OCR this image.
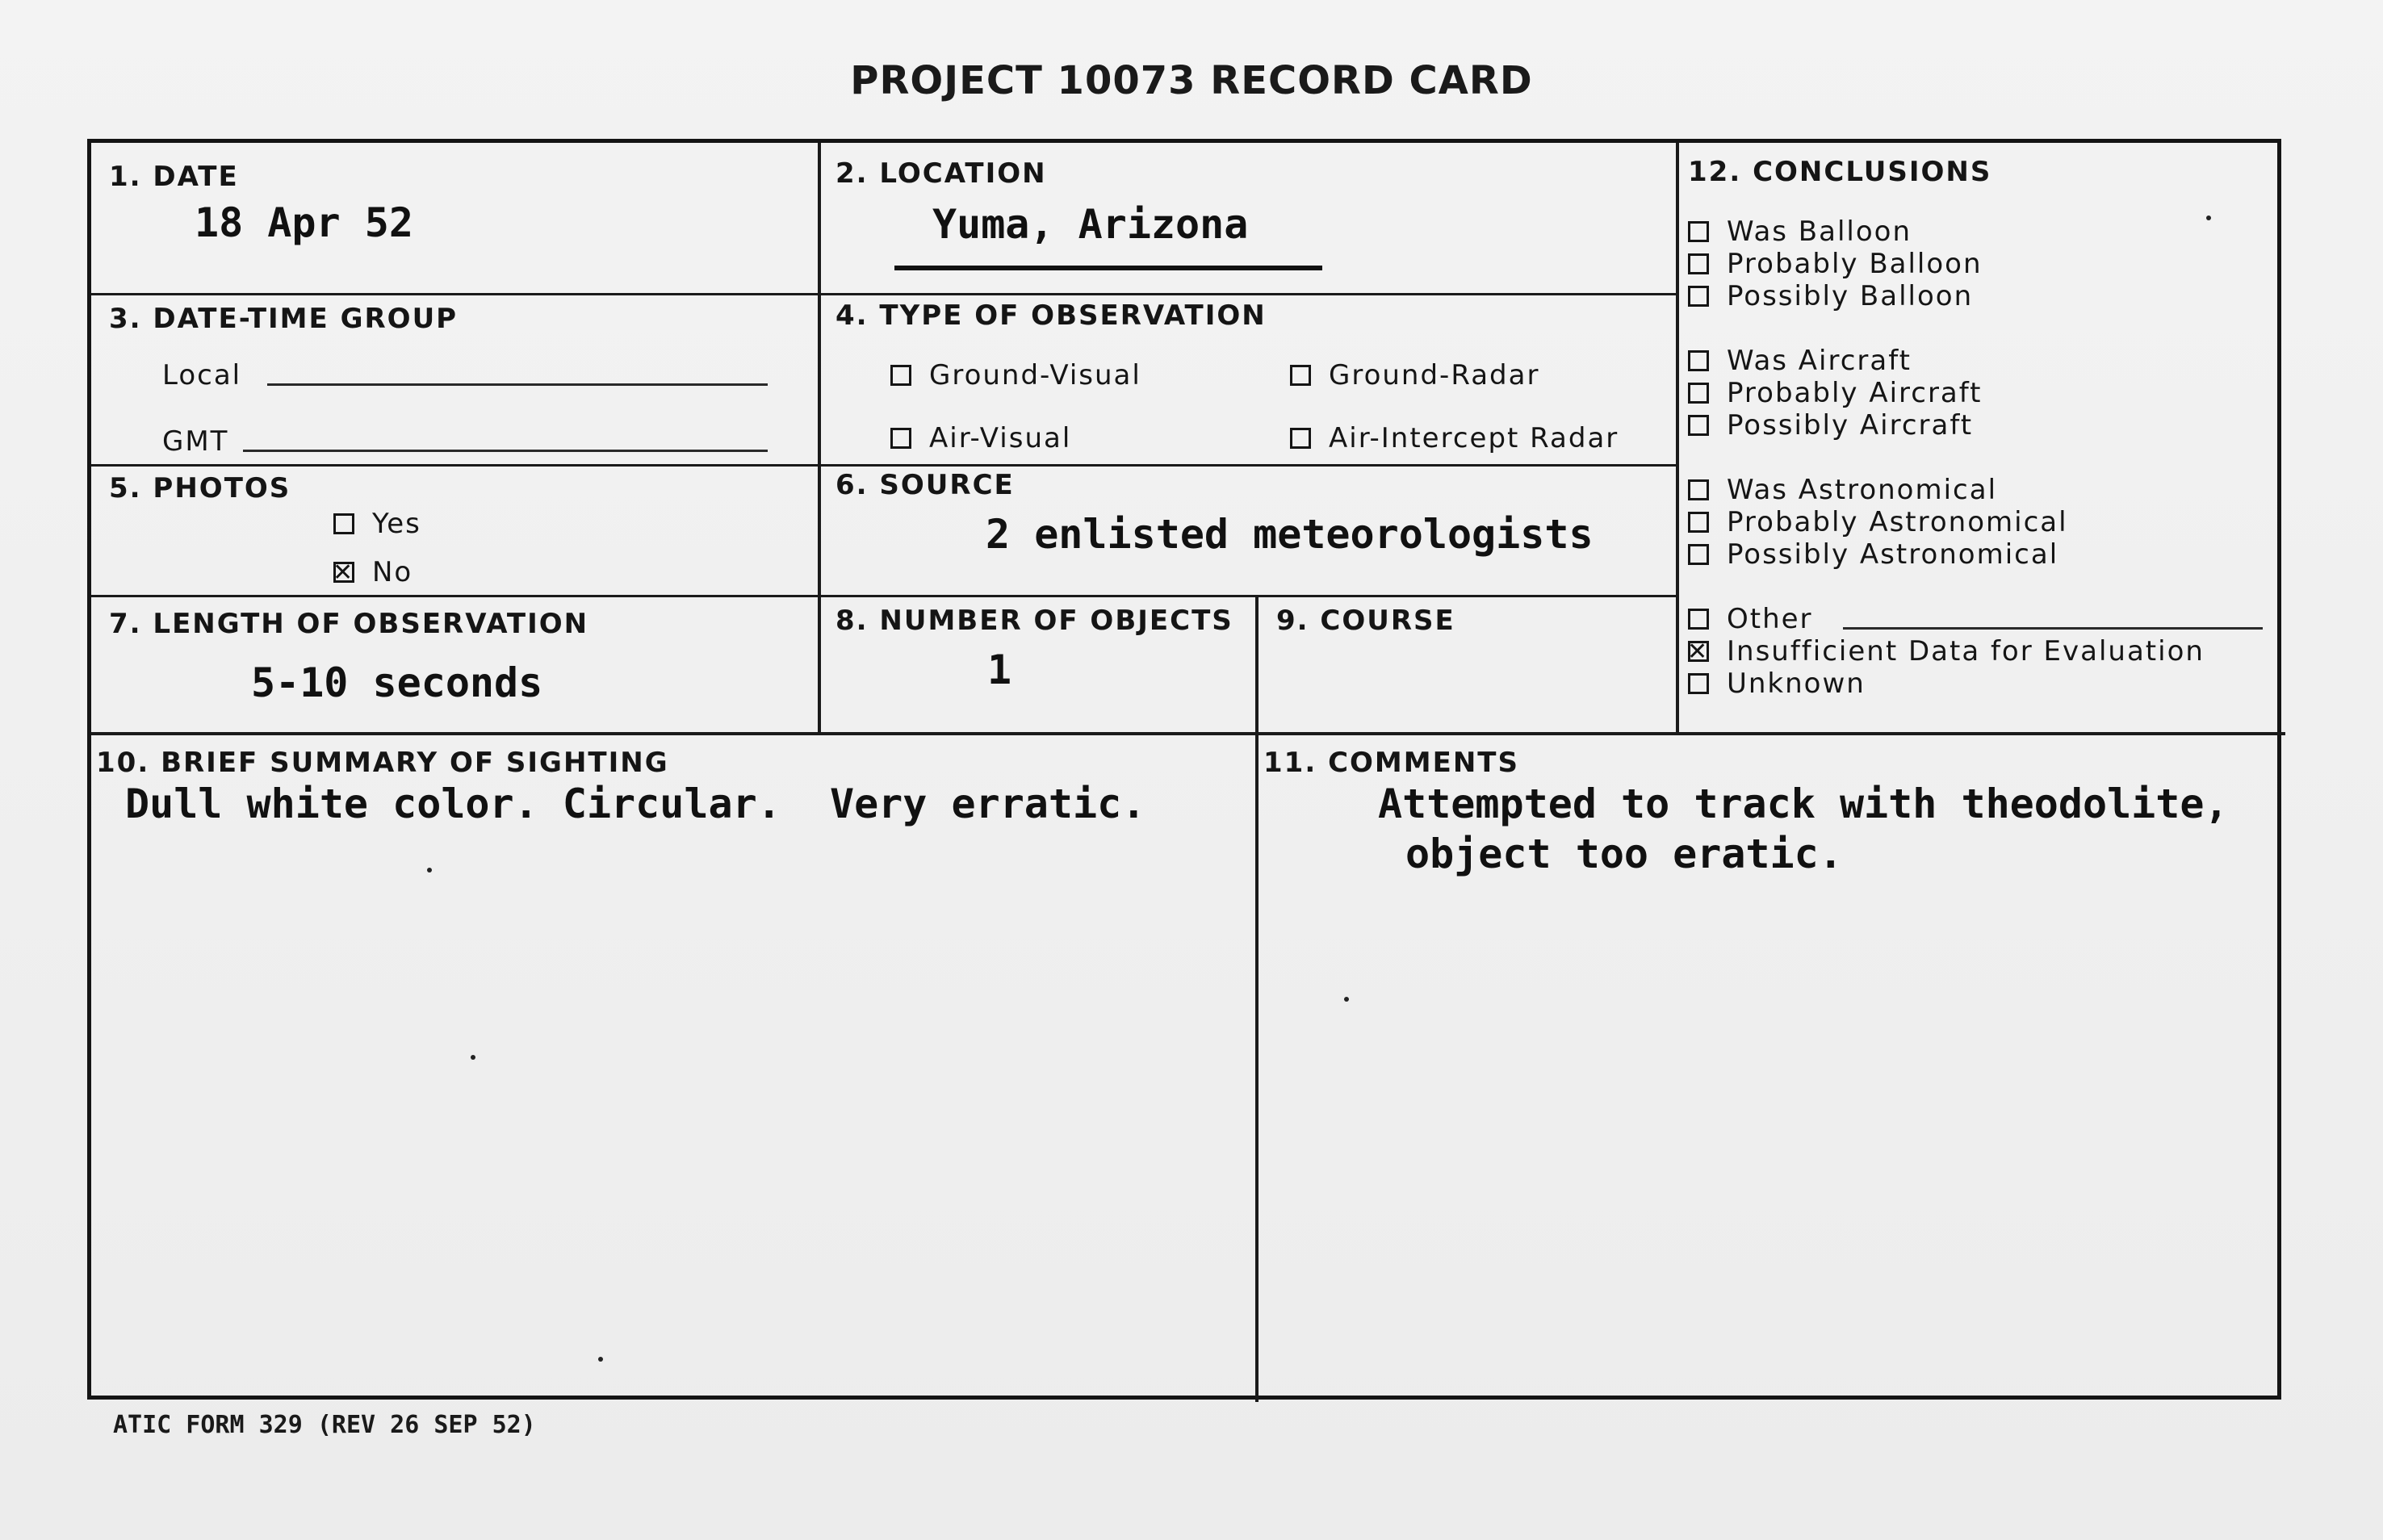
PROJECT 10073 RECORD CARD
1. DATE
18 Apr 52
2. LOCATION
Yuma, Arizona
3. DATE-TIME GROUP
Local
GMT
4. TYPE OF OBSERVATION
Ground-Visual	Ground-Radar
Air-Visual	Air-Intercept Radar
5. PHOTOS
Yes
✕
No
6. SOURCE
2 enlisted meteorologists
7. LENGTH OF OBSERVATION
5-10 seconds
8. NUMBER OF OBJECTS
1
9. COURSE
12. CONCLUSIONS
Was Balloon
Probably Balloon
Possibly Balloon
Was Aircraft
Probably Aircraft
Possibly Aircraft
Was Astronomical
Probably Astronomical
Possibly Astronomical
Other
✕
Insufficient Data for Evaluation
Unknown
10. BRIEF SUMMARY OF SIGHTING
Dull white color. Circular.  Very erratic.
11. COMMENTS
Attempted to track with theodolite,
object too eratic.
ATIC FORM 329 (REV 26 SEP 52)
